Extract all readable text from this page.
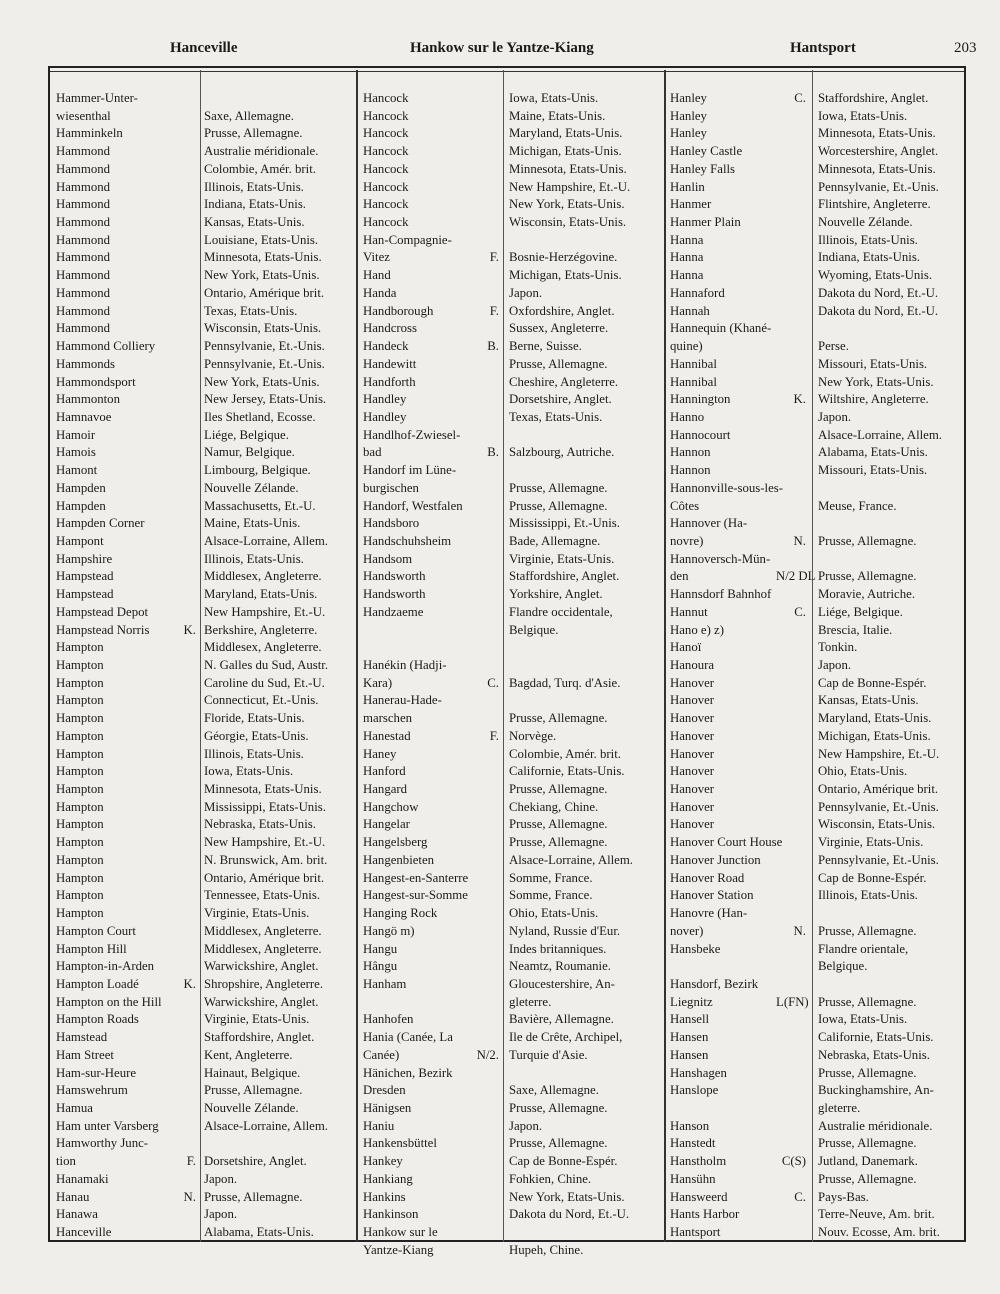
Hanceville	Hankow sur le Yantze-Kiang	Hantsport	203
Hammer-Unter-
wiesenthal	Saxe, Allemagne.
Hamminkeln	Prusse, Allemagne.
Hammond	Australie méridionale.
Hammond	Colombie, Amér. brit.
Hammond	Illinois, Etats-Unis.
Hammond	Indiana, Etats-Unis.
Hammond	Kansas, Etats-Unis.
Hammond	Louisiane, Etats-Unis.
Hammond	Minnesota, Etats-Unis.
Hammond	New York, Etats-Unis.
Hammond	Ontario, Amérique brit.
Hammond	Texas, Etats-Unis.
Hammond	Wisconsin, Etats-Unis.
Hammond Colliery	Pennsylvanie, Et.-Unis.
Hammonds	Pennsylvanie, Et.-Unis.
Hammondsport	New York, Etats-Unis.
Hammonton	New Jersey, Etats-Unis.
Hamnavoe	Iles Shetland, Ecosse.
Hamoir	Liége, Belgique.
Hamois	Namur, Belgique.
Hamont	Limbourg, Belgique.
Hampden	Nouvelle Zélande.
Hampden	Massachusetts, Et.-U.
Hampden Corner	Maine, Etats-Unis.
Hampont	Alsace-Lorraine, Allem.
Hampshire	Illinois, Etats-Unis.
Hampstead	Middlesex, Angleterre.
Hampstead	Maryland, Etats-Unis.
Hampstead Depot	New Hampshire, Et.-U.
Hampstead Norris	K. Berkshire, Angleterre.
Hampton	Middlesex, Angleterre.
Hampton	N. Galles du Sud, Austr.
Hampton	Caroline du Sud, Et.-U.
Hampton	Connecticut, Et.-Unis.
Hampton	Floride, Etats-Unis.
Hampton	Géorgie, Etats-Unis.
Hampton	Illinois, Etats-Unis.
Hampton	Iowa, Etats-Unis.
Hampton	Minnesota, Etats-Unis.
Hampton	Mississippi, Etats-Unis.
Hampton	Nebraska, Etats-Unis.
Hampton	New Hampshire, Et.-U.
Hampton	N. Brunswick, Am. brit.
Hampton	Ontario, Amérique brit.
Hampton	Tennessee, Etats-Unis.
Hampton	Virginie, Etats-Unis.
Hampton Court	Middlesex, Angleterre.
Hampton Hill	Middlesex, Angleterre.
Hampton-in-Arden	Warwickshire, Anglet.
Hampton Loadé	K. Shropshire, Angleterre.
Hampton on the Hill	Warwickshire, Anglet.
Hampton Roads	Virginie, Etats-Unis.
Hamstead	Staffordshire, Anglet.
Ham Street	Kent, Angleterre.
Ham-sur-Heure	Hainaut, Belgique.
Hamswehrum	Prusse, Allemagne.
Hamua	Nouvelle Zélande.
Ham unter Varsberg	Alsace-Lorraine, Allem.
Hamworthy Junc-
tion	F. Dorsetshire, Anglet.
Hanamaki	Japon.
Hanau	N. Prusse, Allemagne.
Hanawa	Japon.
Hanceville	Alabama, Etats-Unis.
Hancock	Iowa, Etats-Unis.
Hancock	Maine, Etats-Unis.
Hancock	Maryland, Etats-Unis.
Hancock	Michigan, Etats-Unis.
Hancock	Minnesota, Etats-Unis.
Hancock	New Hampshire, Et.-U.
Hancock	New York, Etats-Unis.
Hancock	Wisconsin, Etats-Unis.
Han-Compagnie-
Vitez	F. Bosnie-Herzégovine.
Hand	Michigan, Etats-Unis.
Handa	Japon.
Handborough	F. Oxfordshire, Anglet.
Handcross	Sussex, Angleterre.
Handeck	B. Berne, Suisse.
Handewitt	Prusse, Allemagne.
Handforth	Cheshire, Angleterre.
Handley	Dorsetshire, Anglet.
Handley	Texas, Etats-Unis.
Handlhof-Zwiesel-
bad	B. Salzbourg, Autriche.
Handorf im Lüne-
burgischen	Prusse, Allemagne.
Handorf, Westfalen	Prusse, Allemagne.
Handsboro	Mississippi, Et.-Unis.
Handschuhsheim	Bade, Allemagne.
Handsom	Virginie, Etats-Unis.
Handsworth	Staffordshire, Anglet.
Handsworth	Yorkshire, Anglet.
Handzaeme	Flandre occidentale,
Belgique.
Hanékin (Hadji-
Kara)	C. Bagdad, Turq. d'Asie.
Hanerau-Hade-
marschen	Prusse, Allemagne.
Hanestad	F. Norvège.
Haney	Colombie, Amér. brit.
Hanford	Californie, Etats-Unis.
Hangard	Prusse, Allemagne.
Hangchow	Chekiang, Chine.
Hangelar	Prusse, Allemagne.
Hangelsberg	Prusse, Allemagne.
Hangenbieten	Alsace-Lorraine, Allem.
Hangest-en-Santerre	Somme, France.
Hangest-sur-Somme	Somme, France.
Hanging Rock	Ohio, Etats-Unis.
Hangö m)	Nyland, Russie d'Eur.
Hangu	Indes britanniques.
Hângu	Neamtz, Roumanie.
Hanham	Gloucestershire, An-
gleterre.
Hanhofen	Bavière, Allemagne.
Hania (Canée, La	Ile de Crête, Archipel,
Canée)	N/2. Turquie d'Asie.
Hänichen, Bezirk
Dresden	Saxe, Allemagne.
Hänigsen	Prusse, Allemagne.
Haniu	Japon.
Hankensbüttel	Prusse, Allemagne.
Hankey	Cap de Bonne-Espér.
Hankiang	Fohkien, Chine.
Hankins	New York, Etats-Unis.
Hankinson	Dakota du Nord, Et.-U.
Hankow sur le
Yantze-Kiang	Hupeh, Chine.
Hanley	C. Staffordshire, Anglet.
Hanley	Iowa, Etats-Unis.
Hanley	Minnesota, Etats-Unis.
Hanley Castle	Worcestershire, Anglet.
Hanley Falls	Minnesota, Etats-Unis.
Hanlin	Pennsylvanie, Et.-Unis.
Hanmer	Flintshire, Angleterre.
Hanmer Plain	Nouvelle Zélande.
Hanna	Illinois, Etats-Unis.
Hanna	Indiana, Etats-Unis.
Hanna	Wyoming, Etats-Unis.
Hannaford	Dakota du Nord, Et.-U.
Hannah	Dakota du Nord, Et.-U.
Hannequin (Khané-
quine)	Perse.
Hannibal	Missouri, Etats-Unis.
Hannibal	New York, Etats-Unis.
Hannington	K. Wiltshire, Angleterre.
Hanno	Japon.
Hannocourt	Alsace-Lorraine, Allem.
Hannon	Alabama, Etats-Unis.
Hannon	Missouri, Etats-Unis.
Hannonville-sous-les-
Côtes	Meuse, France.
Hannover (Ha-
novre)	N. Prusse, Allemagne.
Hannoversch-Mün-
den	N/2 DL Prusse, Allemagne.
Hannsdorf Bahnhof	Moravie, Autriche.
Hannut	C. Liége, Belgique.
Hano e) z)	Brescia, Italie.
Hanoï	Tonkin.
Hanoura	Japon.
Hanover	Cap de Bonne-Espér.
Hanover	Kansas, Etats-Unis.
Hanover	Maryland, Etats-Unis.
Hanover	Michigan, Etats-Unis.
Hanover	New Hampshire, Et.-U.
Hanover	Ohio, Etats-Unis.
Hanover	Ontario, Amérique brit.
Hanover	Pennsylvanie, Et.-Unis.
Hanover	Wisconsin, Etats-Unis.
Hanover Court House	Virginie, Etats-Unis.
Hanover Junction	Pennsylvanie, Et.-Unis.
Hanover Road	Cap de Bonne-Espér.
Hanover Station	Illinois, Etats-Unis.
Hanovre (Han-
nover)	N. Prusse, Allemagne.
Hansbeke	Flandre orientale,
Belgique.
Hansdorf, Bezirk
Liegnitz	L(FN) Prusse, Allemagne.
Hansell	Iowa, Etats-Unis.
Hansen	Californie, Etats-Unis.
Hansen	Nebraska, Etats-Unis.
Hanshagen	Prusse, Allemagne.
Hanslope	Buckinghamshire, An-
gleterre.
Hanson	Australie méridionale.
Hanstedt	Prusse, Allemagne.
Hanstholm	C(S) Jutland, Danemark.
Hansühn	Prusse, Allemagne.
Hansweerd	C. Pays-Bas.
Hants Harbor	Terre-Neuve, Am. brit.
Hantsport	Nouv. Ecosse, Am. brit.
